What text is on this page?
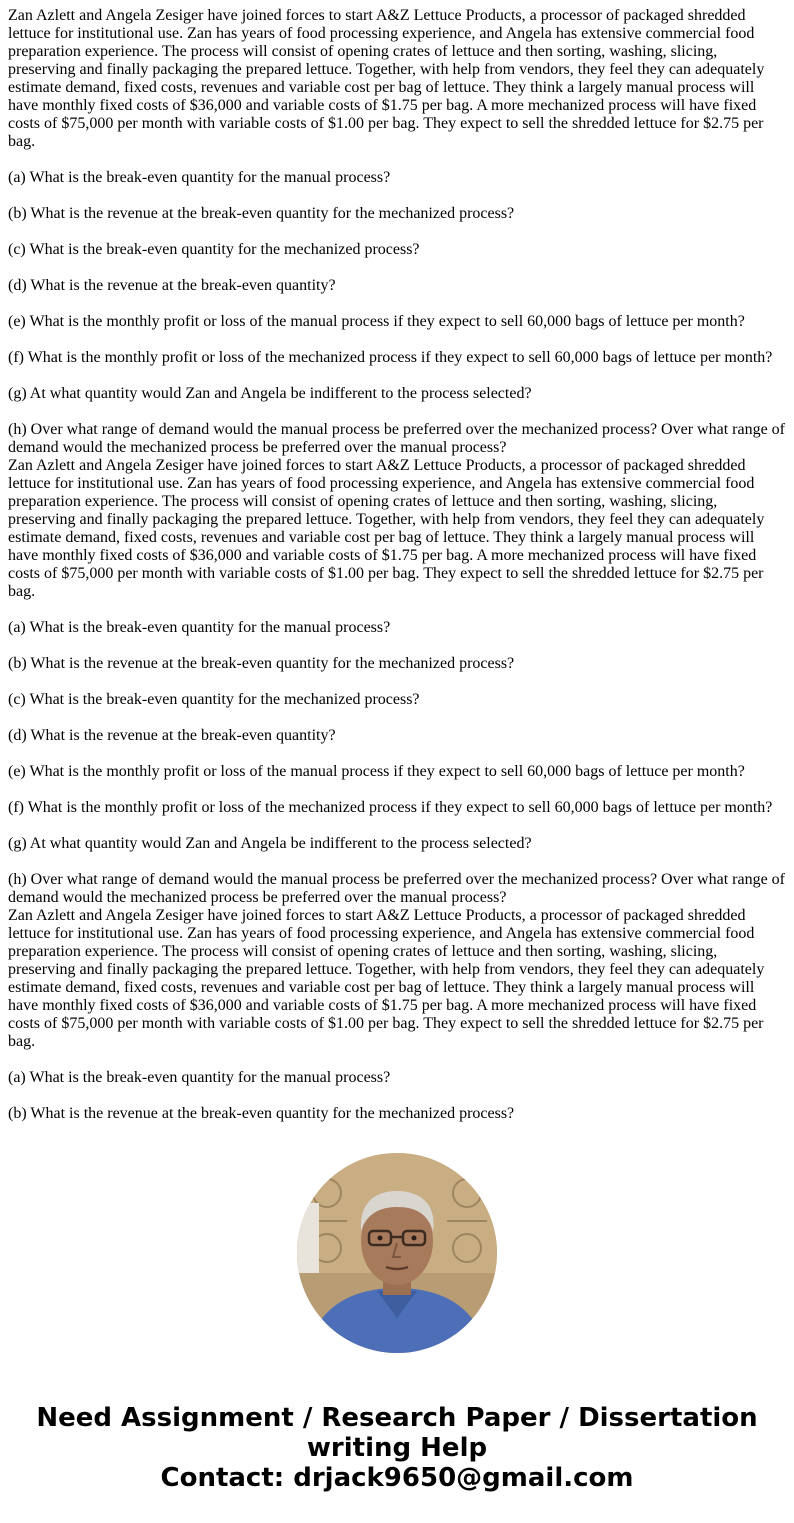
Zan Azlett and Angela Zesiger have joined forces to start A&Z Lettuce Products, a processor of packaged shredded lettuce for institutional use. Zan has years of food processing experience, and Angela has extensive commercial food preparation experience. The process will consist of opening crates of lettuce and then sorting, washing, slicing, preserving and finally packaging the prepared lettuce. Together, with help from vendors, they feel they can adequately estimate demand, fixed costs, revenues and variable cost per bag of lettuce. They think a largely manual process will have monthly fixed costs of $36,000 and variable costs of $1.75 per bag. A more mechanized process will have fixed costs of $75,000 per month with variable costs of $1.00 per bag. They expect to sell the shredded lettuce for $2.75 per bag.

(a) What is the break-even quantity for the manual process?

(b) What is the revenue at the break-even quantity for the mechanized process?

(c) What is the break-even quantity for the mechanized process?

(d) What is the revenue at the break-even quantity?

(e) What is the monthly profit or loss of the manual process if they expect to sell 60,000 bags of lettuce per month?

(f) What is the monthly profit or loss of the mechanized process if they expect to sell 60,000 bags of lettuce per month?

(g) At what quantity would Zan and Angela be indifferent to the process selected?

(h) Over what range of demand would the manual process be preferred over the mechanized process? Over what range of demand would the mechanized process be preferred over the manual process?

Zan Azlett and Angela Zesiger have joined forces to start A&Z Lettuce Products, a processor of packaged shredded lettuce for institutional use. Zan has years of food processing experience, and Angela has extensive commercial food preparation experience. The process will consist of opening crates of lettuce and then sorting, washing, slicing, preserving and finally packaging the prepared lettuce. Together, with help from vendors, they feel they can adequately estimate demand, fixed costs, revenues and variable cost per bag of lettuce. They think a largely manual process will have monthly fixed costs of $36,000 and variable costs of $1.75 per bag. A more mechanized process will have fixed costs of $75,000 per month with variable costs of $1.00 per bag. They expect to sell the shredded lettuce for $2.75 per bag.

(a) What is the break-even quantity for the manual process?

(b) What is the revenue at the break-even quantity for the mechanized process?

(c) What is the break-even quantity for the mechanized process?

(d) What is the revenue at the break-even quantity?

(e) What is the monthly profit or loss of the manual process if they expect to sell 60,000 bags of lettuce per month?

(f) What is the monthly profit or loss of the mechanized process if they expect to sell 60,000 bags of lettuce per month?

(g) At what quantity would Zan and Angela be indifferent to the process selected?

(h) Over what range of demand would the manual process be preferred over the mechanized process? Over what range of demand would the mechanized process be preferred over the manual process?

Zan Azlett and Angela Zesiger have joined forces to start A&Z Lettuce Products, a processor of packaged shredded lettuce for institutional use. Zan has years of food processing experience, and Angela has extensive commercial food preparation experience. The process will consist of opening crates of lettuce and then sorting, washing, slicing, preserving and finally packaging the prepared lettuce. Together, with help from vendors, they feel they can adequately estimate demand, fixed costs, revenues and variable cost per bag of lettuce. They think a largely manual process will have monthly fixed costs of $36,000 and variable costs of $1.75 per bag. A more mechanized process will have fixed costs of $75,000 per month with variable costs of $1.00 per bag. They expect to sell the shredded lettuce for $2.75 per bag.

(a) What is the break-even quantity for the manual process?

(b) What is the revenue at the break-even quantity for the mechanized process?

Need Assignment / Research Paper / Dissertation
writing Help
Contact: drjack9650@gmail.com
